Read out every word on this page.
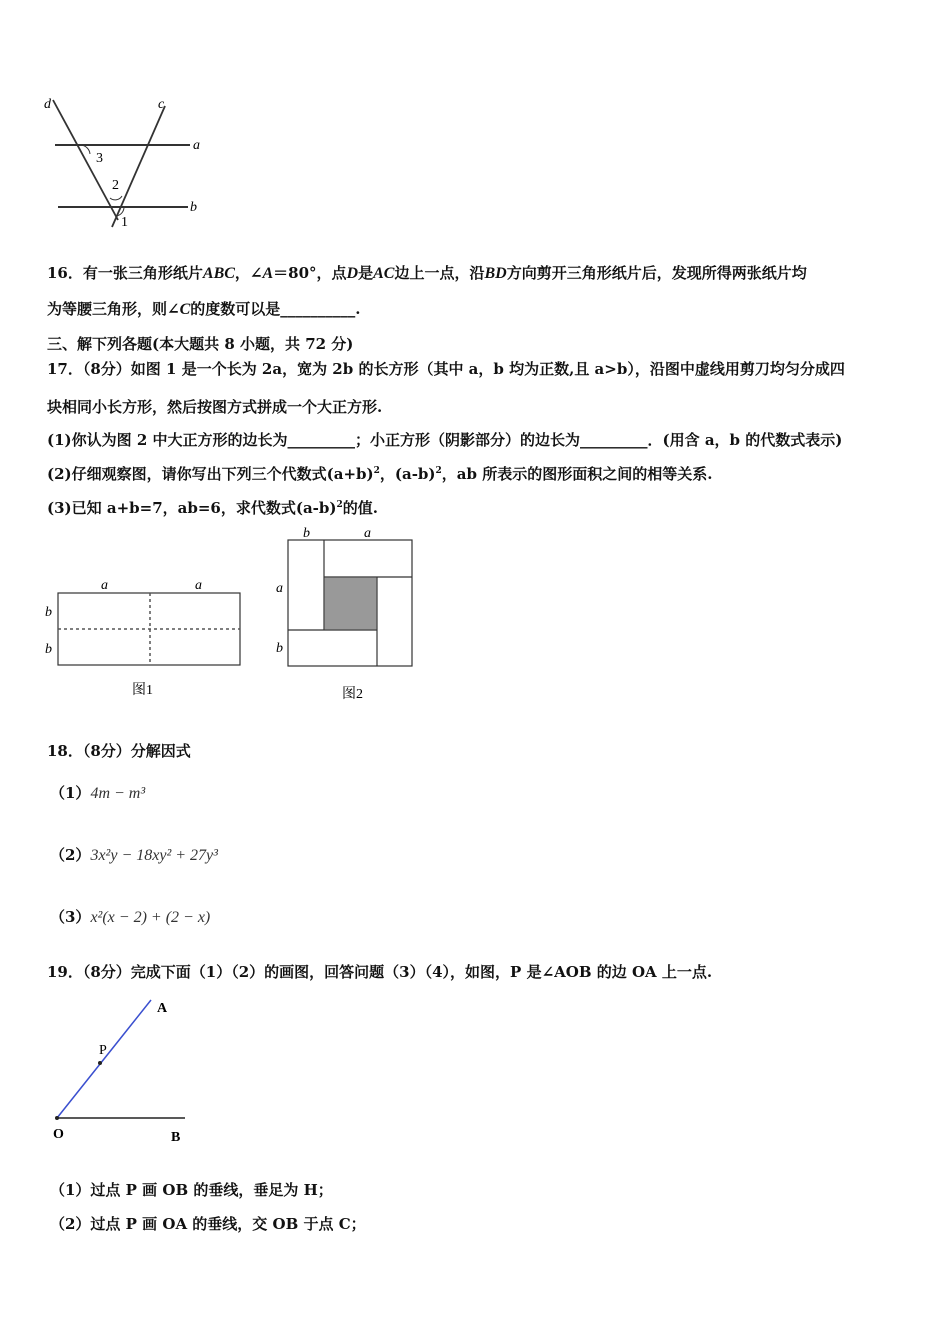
d	c
a
b
3
2
1
16．有一张三角形纸片ABC，∠A＝80°，点D是AC边上一点，沿BD方向剪开三角形纸片后，发现所得两张纸片均
为等腰三角形，则∠C的度数可以是__________.
三、解下列各题(本大题共 8 小题，共 72 分)
17．（8分）如图 1 是一个长为 2a，宽为 2b 的长方形（其中 a，b 均为正数,且 a>b），沿图中虚线用剪刀均匀分成四
块相同小长方形，然后按图方式拼成一个大正方形.
(1)你认为图 2 中大正方形的边长为_________；小正方形（阴影部分）的边长为_________．(用含 a，b 的代数式表示)
(2)仔细观察图，请你写出下列三个代数式$(a+b)^2$，$(a-b)^2$，ab 所表示的图形面积之间的相等关系.
(3)已知 a+b=7，ab=6，求代数式$(a-b)^2$的值.
a	a
b
b
图1
b	a
a
b
图2
18．（8分）分解因式
（1）4m − m³
（2）3x²y − 18xy² + 27y³
（3）x²(x − 2) + (2 − x)
19．（8分）完成下面（1）（2）的画图，回答问题（3）（4），如图，P 是∠AOB 的边 OA 上一点.
A
P
O	B
（1）过点 P 画 OB 的垂线，垂足为 H；
（2）过点 P 画 OA 的垂线，交 OB 于点 C；
